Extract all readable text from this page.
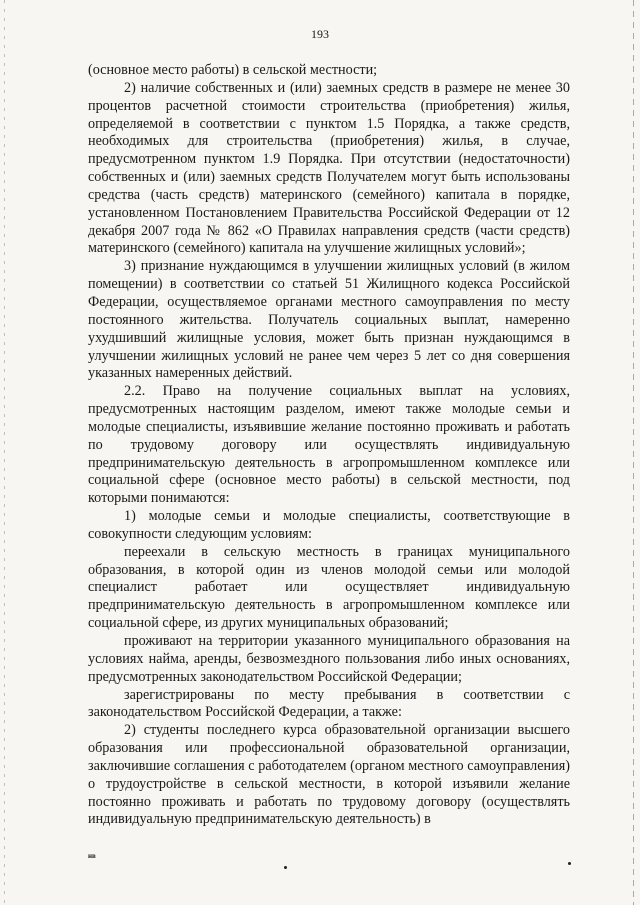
193

(основное место работы) в сельской местности;

2) наличие собственных и (или) заемных средств в размере не менее 30 процентов расчетной стоимости строительства (приобретения) жилья, определяемой в соответствии с пунктом 1.5 Порядка, а также средств, необходимых для строительства (приобретения) жилья, в случае, предусмотренном пунктом 1.9 Порядка. При отсутствии (недостаточности) собственных и (или) заемных средств Получателем могут быть использованы средства (часть средств) материнского (семейного) капитала в порядке, установленном Постановлением Правительства Российской Федерации от 12 декабря 2007 года № 862 «О Правилах направления средств (части средств) материнского (семейного) капитала на улучшение жилищных условий»;

3) признание нуждающимся в улучшении жилищных условий (в жилом помещении) в соответствии со статьей 51 Жилищного кодекса Российской Федерации, осуществляемое органами местного самоуправления по месту постоянного жительства. Получатель социальных выплат, намеренно ухудшивший жилищные условия, может быть признан нуждающимся в улучшении жилищных условий не ранее чем через 5 лет со дня совершения указанных намеренных действий.

2.2. Право на получение социальных выплат на условиях, предусмотренных настоящим разделом, имеют также молодые семьи и молодые специалисты, изъявившие желание постоянно проживать и работать по трудовому договору или осуществлять индивидуальную предпринимательскую деятельность в агропромышленном комплексе или социальной сфере (основное место работы) в сельской местности, под которыми понимаются:

1) молодые семьи и молодые специалисты, соответствующие в совокупности следующим условиям:

переехали в сельскую местность в границах муниципального образования, в которой один из членов молодой семьи или молодой специалист работает или осуществляет индивидуальную предпринимательскую деятельность в агропромышленном комплексе или социальной сфере, из других муниципальных образований;

проживают на территории указанного муниципального образования на условиях найма, аренды, безвозмездного пользования либо иных основаниях, предусмотренных законодательством Российской Федерации;

зарегистрированы по месту пребывания в соответствии с законодательством Российской Федерации, а также:

2) студенты последнего курса образовательной организации высшего образования или профессиональной образовательной организации, заключившие соглашения с работодателем (органом местного самоуправления) о трудоустройстве в сельской местности, в которой изъявили желание постоянно проживать и работать по трудовому договору (осуществлять индивидуальную предпринимательскую деятельность) в

нв
